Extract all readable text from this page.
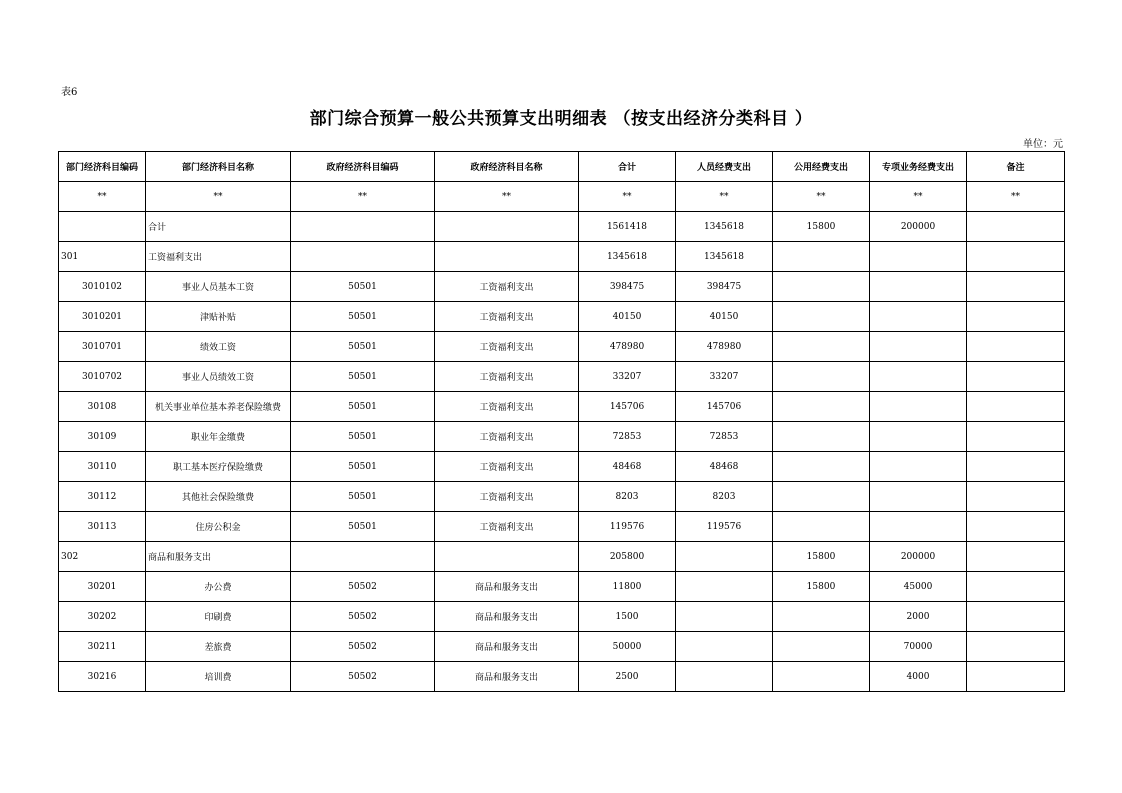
表6
部门综合预算一般公共预算支出明细表 （按支出经济分类科目 ）
单位：元
部门经济科目编码	部门经济科目名称	政府经济科目编码	政府经济科目名称	合计	人员经费支出	公用经费支出	专项业务经费支出	备注
**	**	**	**	**	**	**	**	**
	合计			1561418	1345618	15800	200000	
301	工资福利支出			1345618	1345618			
3010102	事业人员基本工资	50501	工资福利支出	398475	398475			
3010201	津贴补贴	50501	工资福利支出	40150	40150			
3010701	绩效工资	50501	工资福利支出	478980	478980			
3010702	事业人员绩效工资	50501	工资福利支出	33207	33207			
30108	机关事业单位基本养老保险缴费	50501	工资福利支出	145706	145706			
30109	职业年金缴费	50501	工资福利支出	72853	72853			
30110	职工基本医疗保险缴费	50501	工资福利支出	48468	48468			
30112	其他社会保险缴费	50501	工资福利支出	8203	8203			
30113	住房公积金	50501	工资福利支出	119576	119576			
302	商品和服务支出			205800		15800	200000	
30201	办公费	50502	商品和服务支出	11800		15800	45000	
30202	印刷费	50502	商品和服务支出	1500			2000	
30211	差旅费	50502	商品和服务支出	50000			70000	
30216	培训费	50502	商品和服务支出	2500			4000	
